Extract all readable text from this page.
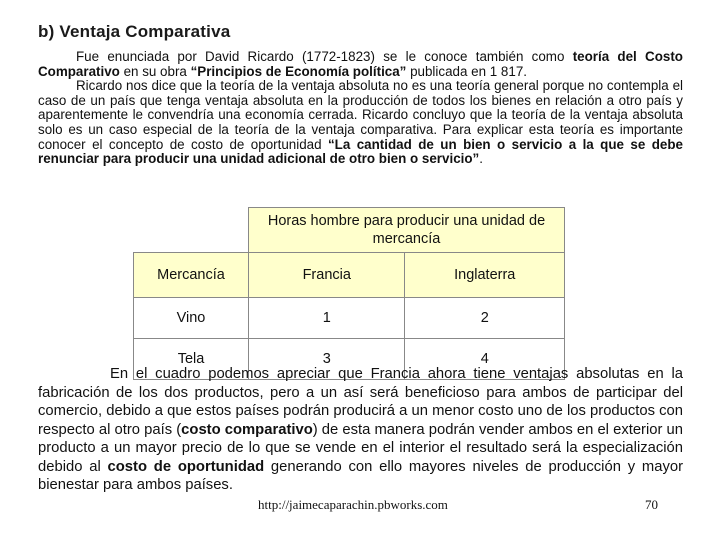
b) Ventaja Comparativa

Fue enunciada por David Ricardo (1772-1823) se le conoce también como teoría del Costo Comparativo en su obra “Principios de Economía política” publicada en 1 817.

Ricardo nos dice que la teoría de la ventaja absoluta no es una teoría general porque no contempla el caso de un país que tenga ventaja absoluta en la producción de todos los bienes en relación a otro país y aparentemente le convendría una economía cerrada. Ricardo concluyo que la teoría de la ventaja absoluta solo es un caso especial de la teoría de la ventaja comparativa. Para explicar esta teoría es importante conocer el concepto de costo de oportunidad “La cantidad de un bien o servicio a la que se debe renunciar para producir una unidad adicional de otro bien o servicio”.

	Horas hombre para producir una unidad de mercancía	
Mercancía	Francia	Inglaterra
Vino	1	2
Tela	3	4

En el cuadro podemos apreciar que Francia ahora tiene ventajas absolutas en la fabricación de los dos productos, pero a un así será beneficioso para ambos de participar del comercio, debido a que estos países podrán producirá a un menor costo uno de los productos con respecto al otro país (costo comparativo) de esta manera podrán vender ambos en el exterior un producto a un mayor precio de lo que se vende en el interior el resultado será la especialización debido al costo de oportunidad generando con ello mayores niveles de producción y mayor bienestar para ambos países.

http://jaimecaparachin.pbworks.com	70
